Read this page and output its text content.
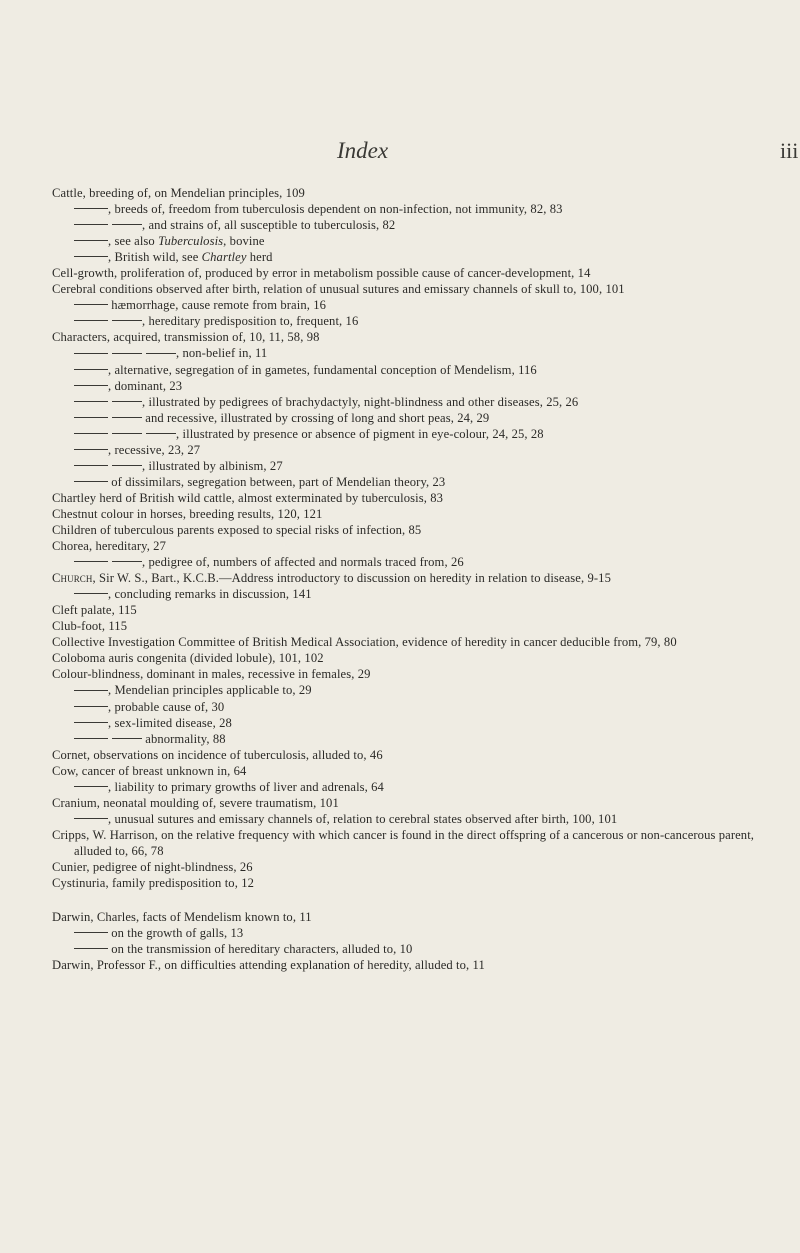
Index	iii

Cattle, breeding of, on Mendelian principles, 109

, breeds of, freedom from tuberculosis dependent on non-infection, not immunity, 82, 83

, and strains of, all susceptible to tuberculosis, 82

, see also Tuberculosis, bovine

, British wild, see Chartley herd

Cell-growth, proliferation of, produced by error in metabolism possible cause of cancer-development, 14

Cerebral conditions observed after birth, relation of unusual sutures and emissary channels of skull to, 100, 101

hæmorrhage, cause remote from brain, 16

, hereditary predisposition to, frequent, 16

Characters, acquired, transmission of, 10, 11, 58, 98

, non-belief in, 11

, alternative, segregation of in gametes, fundamental conception of Mendelism, 116

, dominant, 23

, illustrated by pedigrees of brachydactyly, night-blindness and other diseases, 25, 26

and recessive, illustrated by crossing of long and short peas, 24, 29

, illustrated by presence or absence of pigment in eye-colour, 24, 25, 28

, recessive, 23, 27

, illustrated by albinism, 27

of dissimilars, segregation between, part of Mendelian theory, 23

Chartley herd of British wild cattle, almost exterminated by tuberculosis, 83

Chestnut colour in horses, breeding results, 120, 121

Children of tuberculous parents exposed to special risks of infection, 85

Chorea, hereditary, 27

, pedigree of, numbers of affected and normals traced from, 26

Church, Sir W. S., Bart., K.C.B.—Address introductory to discussion on heredity in relation to disease, 9-15

, concluding remarks in discussion, 141

Cleft palate, 115

Club-foot, 115

Collective Investigation Committee of British Medical Association, evidence of heredity in cancer deducible from, 79, 80

Coloboma auris congenita (divided lobule), 101, 102

Colour-blindness, dominant in males, recessive in females, 29

, Mendelian principles applicable to, 29

, probable cause of, 30

, sex-limited disease, 28

abnormality, 88

Cornet, observations on incidence of tuberculosis, alluded to, 46

Cow, cancer of breast unknown in, 64

, liability to primary growths of liver and adrenals, 64

Cranium, neonatal moulding of, severe traumatism, 101

, unusual sutures and emissary channels of, relation to cerebral states observed after birth, 100, 101

Cripps, W. Harrison, on the relative frequency with which cancer is found in the direct offspring of a cancerous or non-cancerous parent, alluded to, 66, 78

Cunier, pedigree of night-blindness, 26

Cystinuria, family predisposition to, 12

Darwin, Charles, facts of Mendelism known to, 11

on the growth of galls, 13

on the transmission of hereditary characters, alluded to, 10

Darwin, Professor F., on difficulties attending explanation of heredity, alluded to, 11
